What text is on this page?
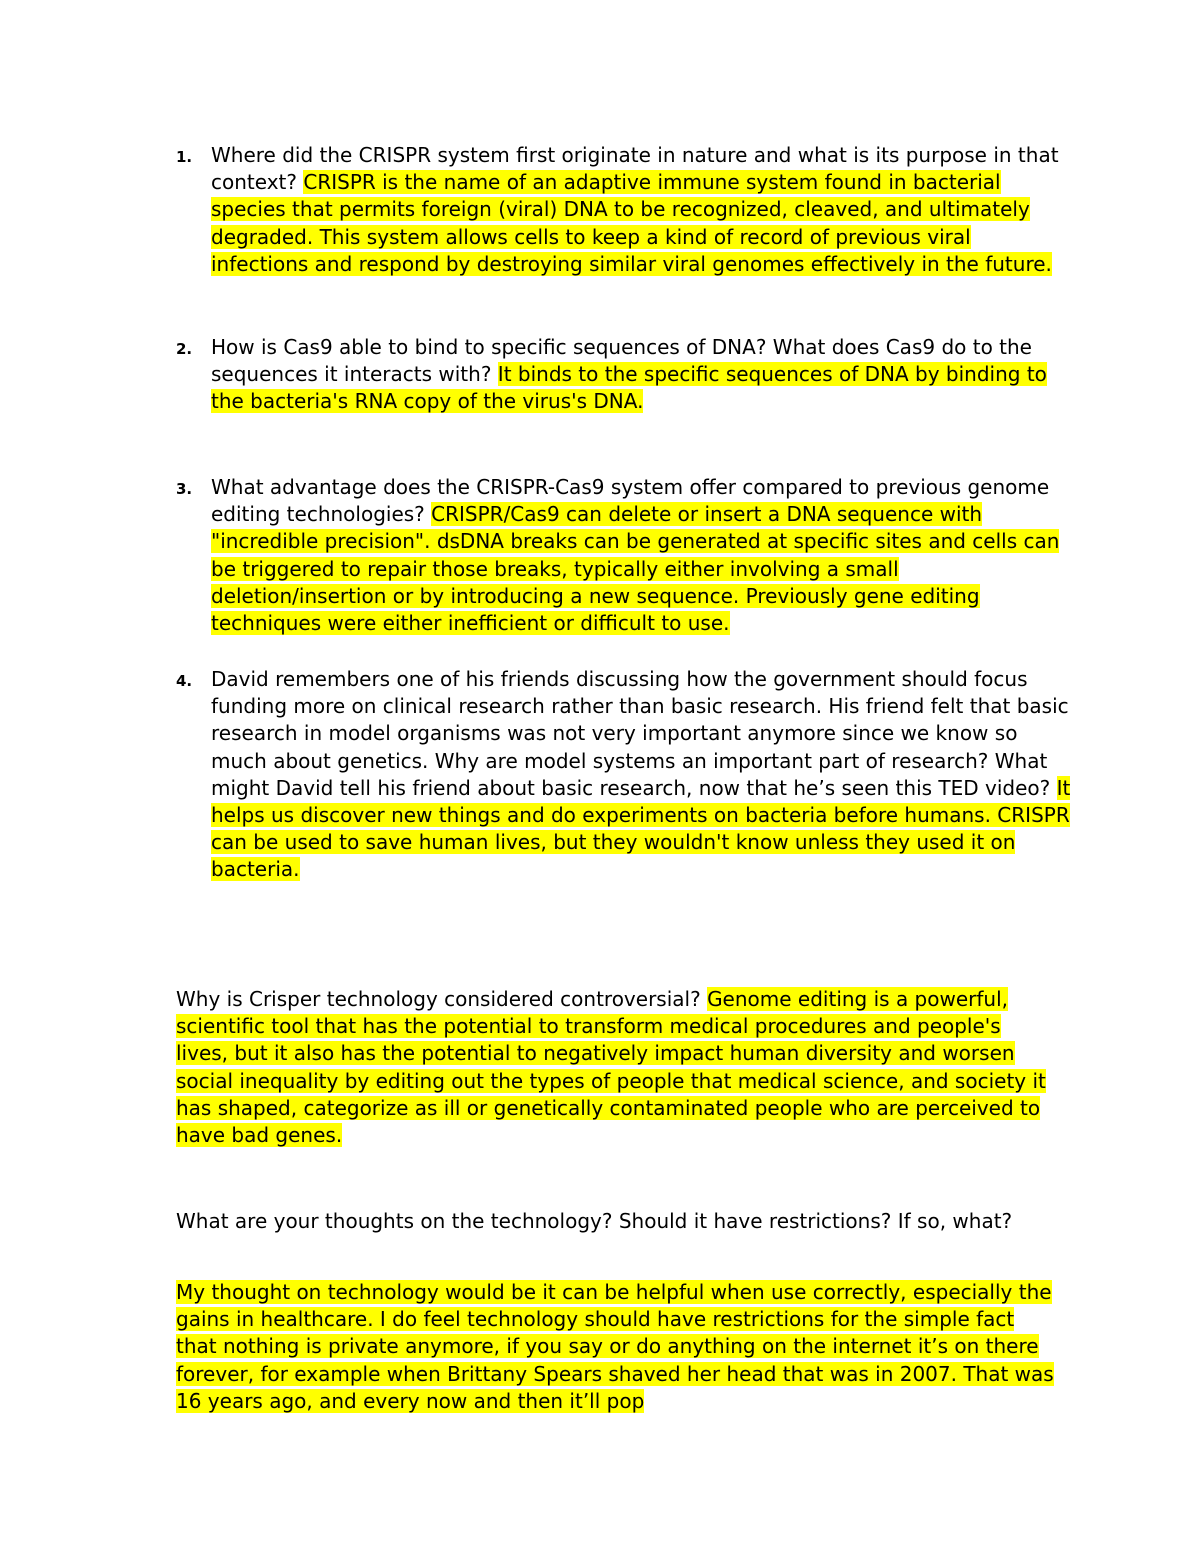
1. Where did the CRISPR system first originate in nature and what is its purpose in that context? CRISPR is the name of an adaptive immune system found in bacterial species that permits foreign (viral) DNA to be recognized, cleaved, and ultimately degraded. This system allows cells to keep a kind of record of previous viral infections and respond by destroying similar viral genomes effectively in the future.

2. How is Cas9 able to bind to specific sequences of DNA? What does Cas9 do to the sequences it interacts with? It binds to the specific sequences of DNA by binding to the bacteria's RNA copy of the virus's DNA.

3. What advantage does the CRISPR-Cas9 system offer compared to previous genome editing technologies? CRISPR/Cas9 can delete or insert a DNA sequence with "incredible precision". dsDNA breaks can be generated at specific sites and cells can be triggered to repair those breaks, typically either involving a small deletion/insertion or by introducing a new sequence. Previously gene editing techniques were either inefficient or difficult to use.

4. David remembers one of his friends discussing how the government should focus funding more on clinical research rather than basic research. His friend felt that basic research in model organisms was not very important anymore since we know so much about genetics. Why are model systems an important part of research? What might David tell his friend about basic research, now that he’s seen this TED video? It helps us discover new things and do experiments on bacteria before humans. CRISPR can be used to save human lives, but they wouldn't know unless they used it on bacteria.

Why is Crisper technology considered controversial? Genome editing is a powerful, scientific tool that has the potential to transform medical procedures and people's lives, but it also has the potential to negatively impact human diversity and worsen social inequality by editing out the types of people that medical science, and society it has shaped, categorize as ill or genetically contaminated people who are perceived to have bad genes.

What are your thoughts on the technology? Should it have restrictions? If so, what?

My thought on technology would be it can be helpful when use correctly, especially the gains in healthcare. I do feel technology should have restrictions for the simple fact that nothing is private anymore, if you say or do anything on the internet it’s on there forever, for example when Brittany Spears shaved her head that was in 2007. That was 16 years ago, and every now and then it’ll pop
